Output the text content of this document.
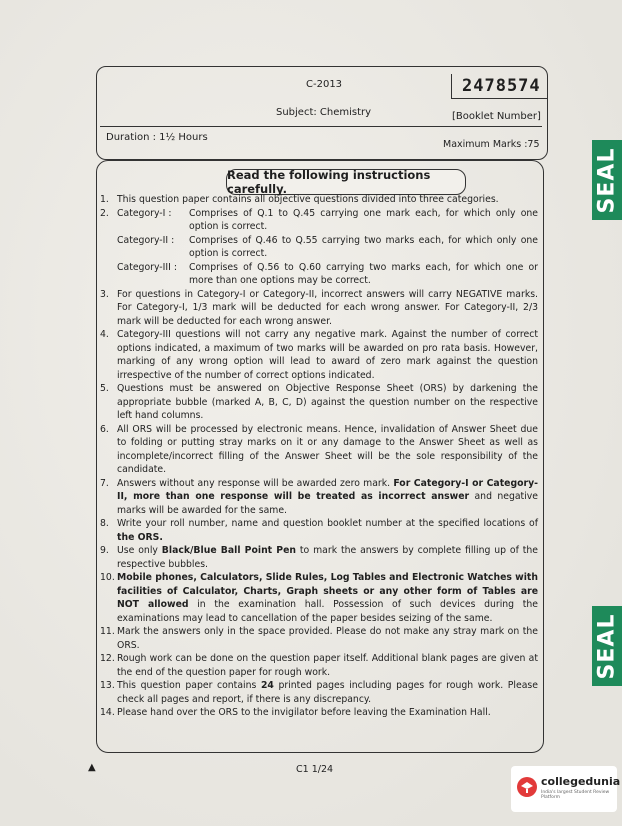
C-2013	2478574
Subject: Chemistry	[Booklet Number]
Duration : 1½ Hours
Maximum Marks :75
Read the following instructions carefully.

1. This question paper contains all objective questions divided into three categories.

2. Category-I : Comprises of Q.1 to Q.45 carrying one mark each, for which only one option is correct.
Category-II : Comprises of Q.46 to Q.55 carrying two marks each, for which only one option is correct.
Category-III : Comprises of Q.56 to Q.60 carrying two marks each, for which one or more than one options may be correct.

3. For questions in Category-I or Category-II, incorrect answers will carry NEGATIVE marks. For Category-I, 1/3 mark will be deducted for each wrong answer. For Category-II, 2/3 mark will be deducted for each wrong answer.

4. Category-III questions will not carry any negative mark. Against the number of correct options indicated, a maximum of two marks will be awarded on pro rata basis. However, marking of any wrong option will lead to award of zero mark against the question irrespective of the number of correct options indicated.

5. Questions must be answered on Objective Response Sheet (ORS) by darkening the appropriate bubble (marked A, B, C, D) against the question number on the respective left hand columns.

6. All ORS will be processed by electronic means. Hence, invalidation of Answer Sheet due to folding or putting stray marks on it or any damage to the Answer Sheet as well as incomplete/incorrect filling of the Answer Sheet will be the sole responsibility of the candidate.

7. Answers without any response will be awarded zero mark. For Category-I or Category-II, more than one response will be treated as incorrect answer and negative marks will be awarded for the same.

8. Write your roll number, name and question booklet number at the specified locations of the ORS.

9. Use only Black/Blue Ball Point Pen to mark the answers by complete filling up of the respective bubbles.

10. Mobile phones, Calculators, Slide Rules, Log Tables and Electronic Watches with facilities of Calculator, Charts, Graph sheets or any other form of Tables are NOT allowed in the examination hall. Possession of such devices during the examinations may lead to cancellation of the paper besides seizing of the same.

11. Mark the answers only in the space provided. Please do not make any stray mark on the ORS.

12. Rough work can be done on the question paper itself. Additional blank pages are given at the end of the question paper for rough work.

13. This question paper contains 24 printed pages including pages for rough work. Please check all pages and report, if there is any discrepancy.

14. Please hand over the ORS to the invigilator before leaving the Examination Hall.

▲	C1 1/24
SEAL
SEAL
collegedunia
India's largest Student Review Platform
